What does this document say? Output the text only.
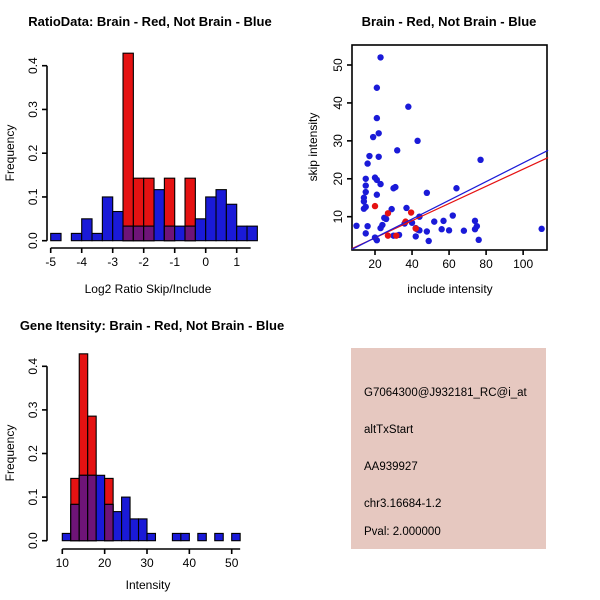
RatioData: Brain - Red, Not Brain - Blue
Log2 Ratio Skip/Include
Frequency
-5 -4 -3 -2 -1 0 1
0.0
0.1
0.2
0.3
0.4
Brain - Red, Not Brain - Blue
include intensity
skip intensity
20 40 60 80 100
10
20
30
40
50
Gene Itensity: Brain - Red, Not Brain - Blue
Intensity
Frequency
10 20 30 40 50
0.0
0.1
0.2
0.3
0.4
G7064300@J932181_RC@i_at
altTxStart
AA939927
chr3.16684-1.2
Pval: 2.000000
